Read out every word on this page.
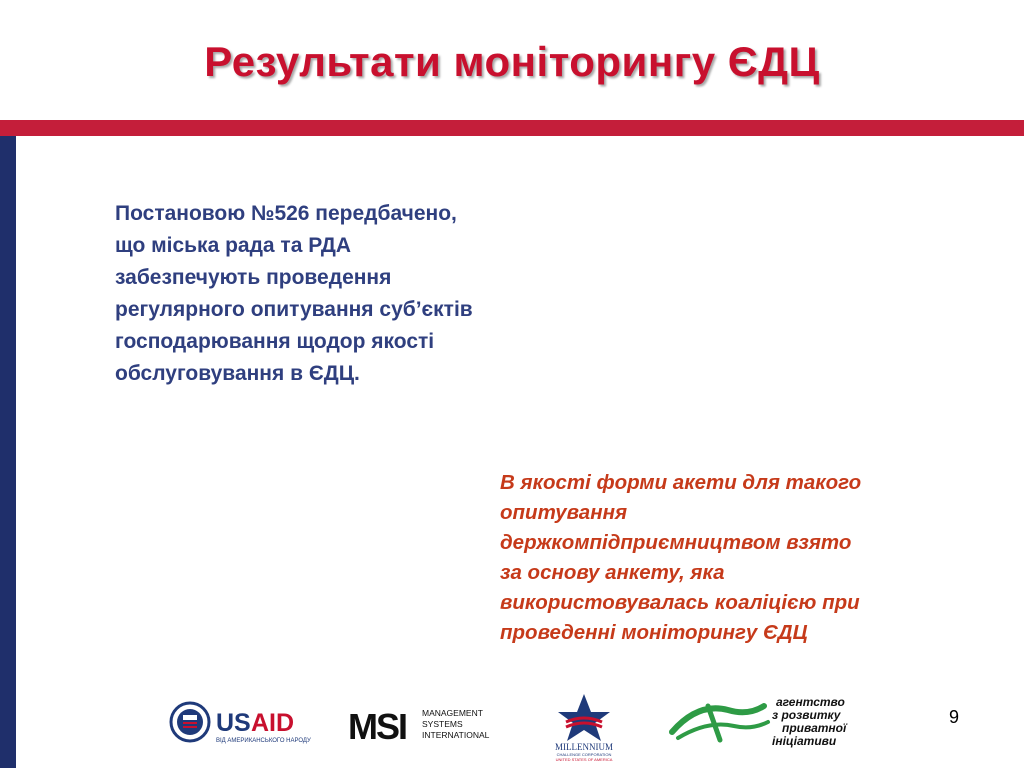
Результати моніторингу ЄДЦ
Постановою №526 передбачено,
що міська рада та РДА
забезпечують проведення
регулярного опитування суб’єктів
господарювання щодор якості
обслуговування в ЄДЦ.
В якості форми акети для такого
опитування
держкомпідприємництвом взято
за основу анкету, яка
використовувалась коаліцією при
проведенні моніторингу ЄДЦ
US AID
ВІД АМЕРИКАНСЬКОГО НАРОДУ MSI MANAGEMENT
SYSTEMS
INTERNATIONAL
MILLENNIUM
CHALLENGE CORPORATION
UNITED STATES OF AMERICA
агентство
з розвитку
приватної
ініціативи
9
